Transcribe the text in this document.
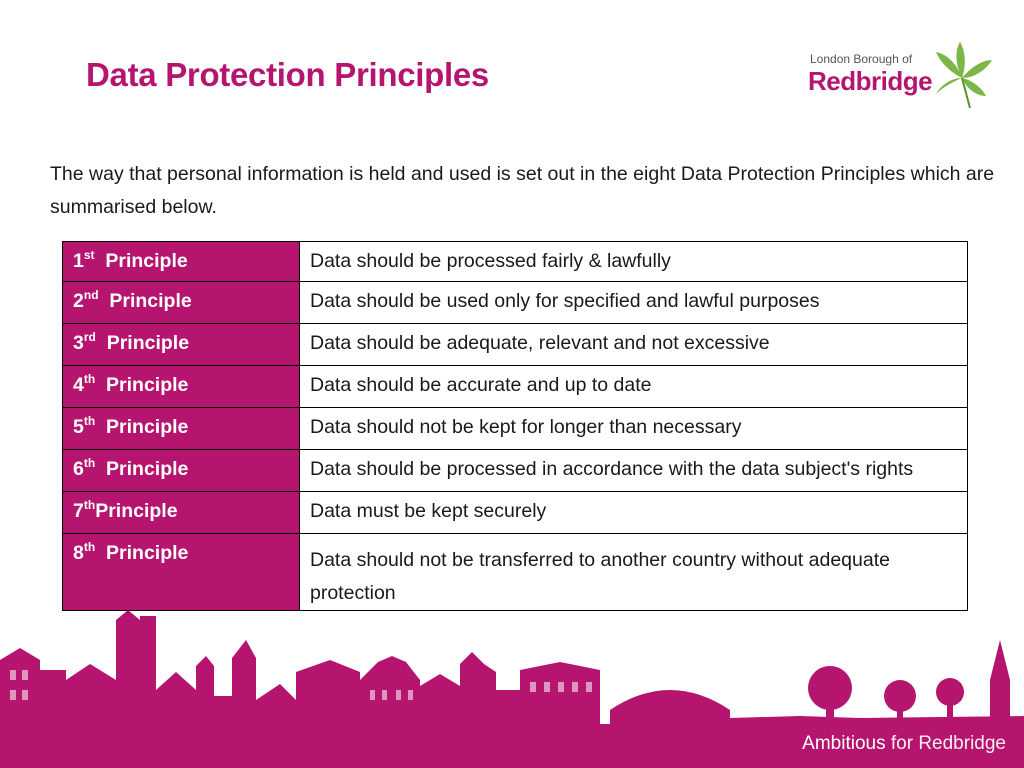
Data Protection Principles	London Borough of
Redbridge
The way that personal information is held and used is set out in the eight Data Protection Principles which are summarised below.
1st Principle	Data should be processed fairly & lawfully
2nd Principle	Data should be used only for specified and lawful purposes
3rd Principle	Data should be adequate, relevant and not excessive
4th Principle	Data should be accurate and up to date
5th Principle	Data should not be kept for longer than necessary
6th Principle	Data should be processed in accordance with the data subject's rights
7thPrinciple	Data must be kept securely
8th Principle	Data should not be transferred to another country without adequate protection
Ambitious for Redbridge
